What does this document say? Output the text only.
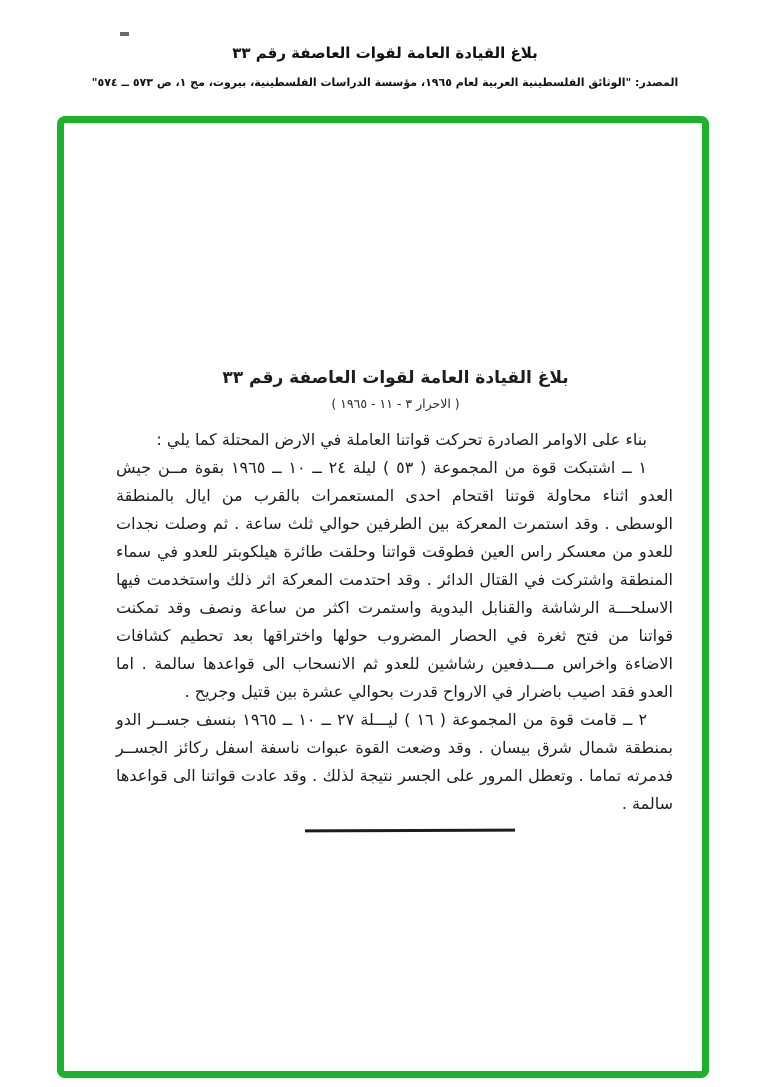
بلاغ القيادة العامة لقوات العاصفة رقم ٣٣
المصدر: "الوثائق الفلسطينية العربية لعام ١٩٦٥، مؤسسة الدراسات الفلسطينية، بيروت، مج ١، ص ٥٧٣ ــ ٥٧٤"
بلاغ القيادة العامة لقوات العاصفة رقم ٣٣
( الاحرار ٣ - ١١ - ١٩٦٥ )

بناء على الاوامر الصادرة تحركت قواتنا العاملة في الارض المحتلة كما يلي :

١ ــ اشتبكت قوة من المجموعة ( ٥٣ ) ليلة ٢٤ ــ ١٠ ــ ١٩٦٥ بقوة مــن جيش العدو اثناء محاولة قوتنا اقتحام احدى المستعمرات بالقرب من ايال بالمنطقة الوسطى . وقد استمرت المعركة بين الطرفين حوالي ثلث ساعة . ثم وصلت نجدات للعدو من معسكر راس العين فطوقت قواتنا وحلقت طائرة هيلكوبتر للعدو في سماء المنطقة واشتركت في القتال الدائر . وقد احتدمت المعركة اثر ذلك واستخدمت فيها الاسلحـــة الرشاشة والقنابل اليدوية واستمرت اكثر من ساعة ونصف وقد تمكنت قواتنا من فتح ثغرة في الحصار المضروب حولها واختراقها بعد تحطيم كشافات الاضاءة واخراس مـــدفعين رشاشين للعدو ثم الانسحاب الى قواعدها سالمة . اما العدو فقد اصيب باضرار في الارواح قدرت بحوالي عشرة بين قتيل وجريح .

٢ ــ قامت قوة من المجموعة ( ١٦ ) ليـــلة ٢٧ ــ ١٠ ــ ١٩٦٥ بنسف جســر الدو بمنطقة شمال شرق بيسان . وقد وضعت القوة عبوات ناسفة اسفل ركائز الجســر فدمرته تماما . وتعطل المرور على الجسر نتيجة لذلك . وقد عادت قواتنا الى قواعدها سالمة .
